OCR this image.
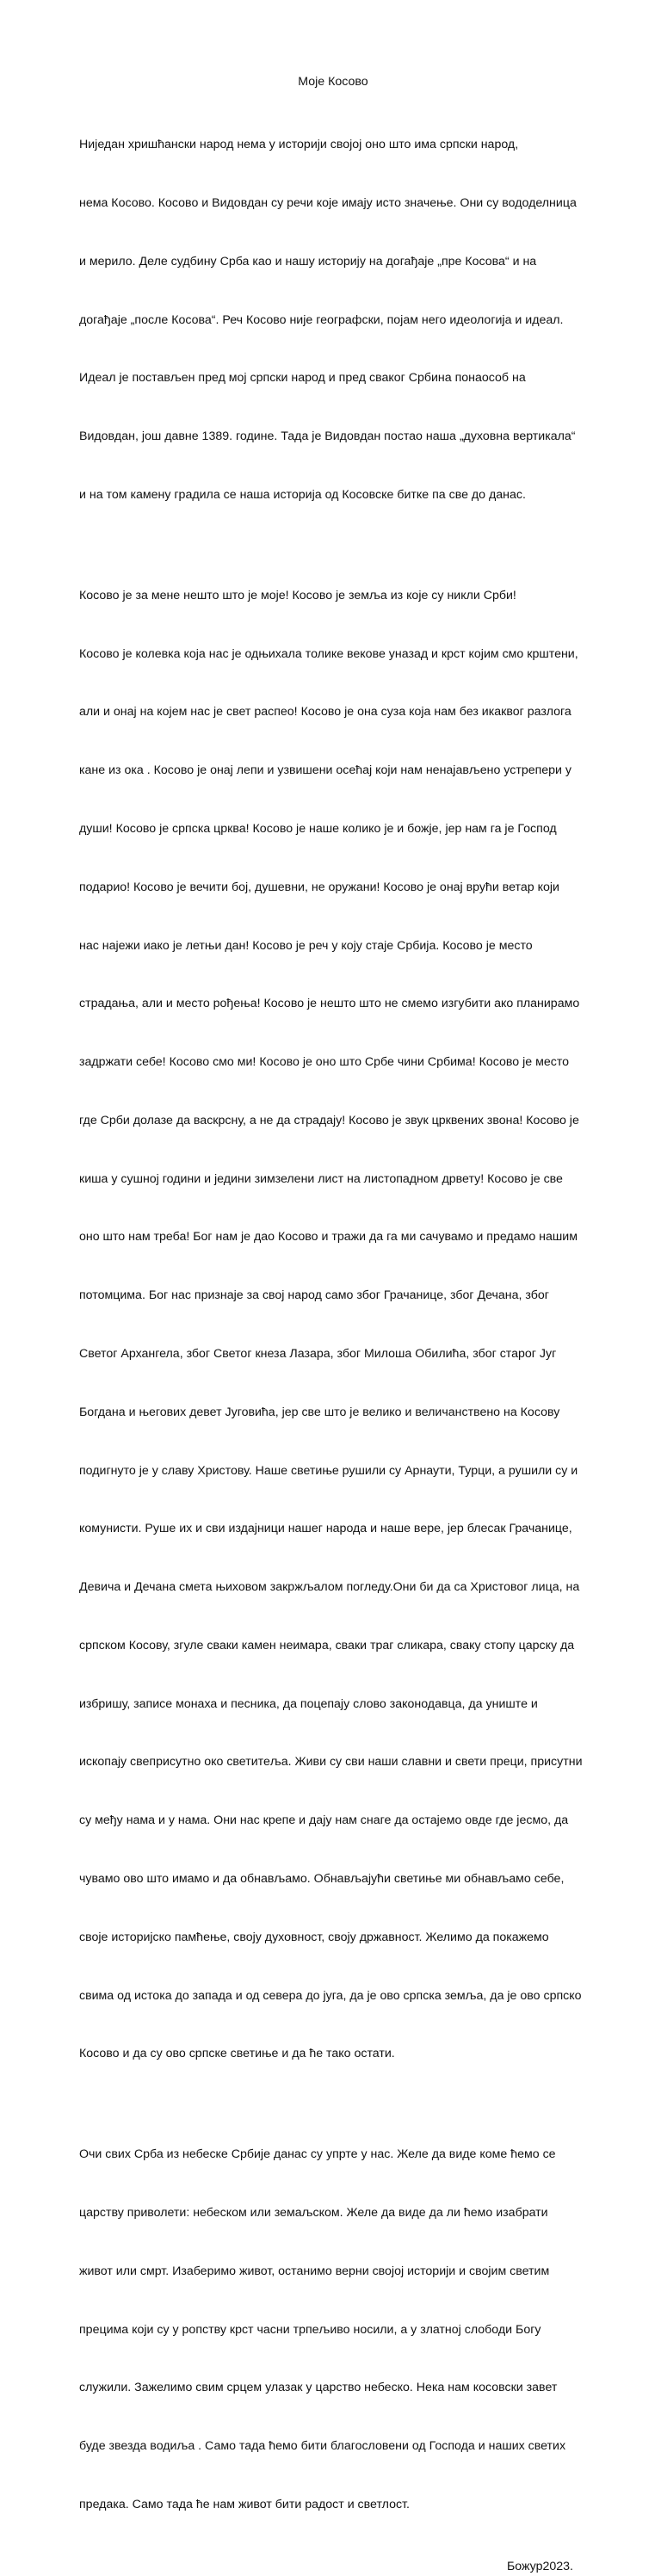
Моје Косово

Ниједан хришћански народ нема у историји својој оно што има српски народ,

нема Косово. Косово и Видовдан су речи које имају исто значење. Они су вододелница

и мерило. Деле судбину Срба као и нашу историју на догађаје „пре Косова“ и на

догађаје „после Косова“. Реч Косово није географски, појам него идеологија и идеал.

Идеал је постављен пред мој српски народ и пред сваког Србина понаособ на

Видовдан, још давне 1389. године. Тада је Видовдан постао наша „духовна вертикала“

и на том камену градила се наша историја од Косовске битке па све до данас.

Косово је за мене нешто што је моје! Косово је земља из које су никли Срби!

Косово је колевка која нас је одњихала толике векове уназад и крст којим смо крштени,

али и онај на којем нас је свет распео! Косово је она суза која нам без икаквог разлога

кане из ока . Косово је онај лепи и узвишени осећај који нам ненајављено устрепери у

души! Косово је српска црква! Косово је наше колико је и божје, јер нам га је Господ

подарио! Косово је вечити бој, душевни, не оружани! Косово је онај врући ветар који

нас најежи иако је летњи дан! Косово је реч у коју стаје Србија. Косово је место

страдања, али и место рођења! Косово је нешто што не смемо изгубити ако планирамо

задржати себе! Косово смо ми! Косово је оно што Србе чини Србима! Косово је место

где Срби долазе да васкрсну, а не да страдају! Косово је звук црквених звона! Косово је

киша у сушној години и једини зимзелени лист на листопадном дрвету! Косово је све

оно што нам треба! Бог нам је дао Косово и тражи да га ми сачувамо и предамо нашим

потомцима. Бог нас признаје за свој народ само због Грачанице, због Дечана, због

Светог Архангела, због Светог кнеза Лазара, због Милоша Обилића, због старог Југ

Богдана и његових девет Југовића, јер све што је велико и величанствено на Косову

подигнуто је у славу Христову. Наше светиње рушили су Арнаути, Турци, а рушили су и

комунисти. Руше их и сви издајници нашег народа и наше вере, јер блесак Грачанице,

Девича и Дечана смета њиховом закржљалом погледу.Они би да са Христовог лица, на

српском Косову, згуле сваки камен неимара, сваки траг сликара, сваку стопу царску да

избришу, записе монаха и песника, да поцепају слово законодавца, да униште и

ископају свеприсутно око светитеља. Живи су сви наши славни и свети преци, присутни

су међу нама и у нама. Они нас крепе и дају нам снаге да остајемо овде где јесмо, да

чувамо ово што имамо и да обнављамо. Обнављајући светиње ми обнављамо себе,

своје историјско памћење, своју духовност, своју државност. Желимо да покажемо

свима од истока до запада и од севера до југа, да је ово српска земља, да је ово српско

Косово и да су ово српске светиње и да ће тако остати.

Очи свих Срба из небеске Србије данас су упрте у нас. Желе да виде коме ћемо се

царству приволети: небеском или земаљском. Желе да виде да ли ћемо изабрати

живот или смрт. Изаберимо живот, останимо верни својој историји и својим светим

прецима који су у ропству крст часни трпељиво носили, а у златној слободи Богу

служили. Зажелимо свим срцем улазак у царство небеско. Нека нам косовски завет

буде звезда водиља . Само тада ћемо бити благословени од Господа и наших светих

предака. Само тада ће нам живот бити радост и светлост.

Божур2023.
